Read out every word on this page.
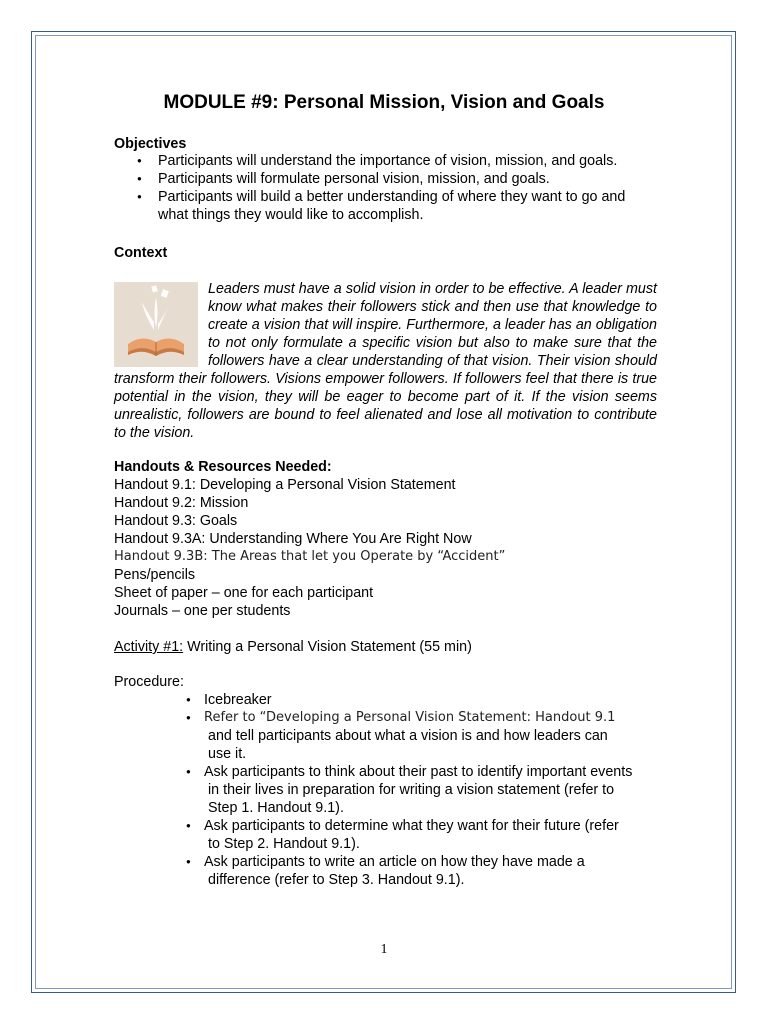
MODULE #9: Personal Mission, Vision and Goals
Objectives
● Participants will understand the importance of vision, mission, and goals.
● Participants will formulate personal vision, mission, and goals.
● Participants will build a better understanding of where they want to go and
what things they would like to accomplish.
Context
Leaders must have a solid vision in order to be effective. A leader must know what makes their followers stick and then use that knowledge to create a vision that will inspire. Furthermore, a leader has an obligation to not only formulate a specific vision but also to make sure that the followers have a clear understanding of that vision. Their vision should transform their followers. Visions empower followers. If followers feel that there is true potential in the vision, they will be eager to become part of it. If the vision seems unrealistic, followers are bound to feel alienated and lose all motivation to contribute to the vision.
Handouts & Resources Needed:
Handout 9.1: Developing a Personal Vision Statement
Handout 9.2: Mission
Handout 9.3: Goals
Handout 9.3A: Understanding Where You Are Right Now
Handout 9.3B: The Areas that let you Operate by “Accident”
Pens/pencils
Sheet of paper – one for each participant
Journals – one per students
Activity #1: Writing a Personal Vision Statement (55 min)
Procedure:
● Icebreaker
● Refer to “Developing a Personal Vision Statement: Handout 9.1
and tell participants about what a vision is and how leaders can
use it.
● Ask participants to think about their past to identify important events
in their lives in preparation for writing a vision statement (refer to
Step 1. Handout 9.1).
● Ask participants to determine what they want for their future (refer
to Step 2. Handout 9.1).
● Ask participants to write an article on how they have made a
difference (refer to Step 3. Handout 9.1).
1
